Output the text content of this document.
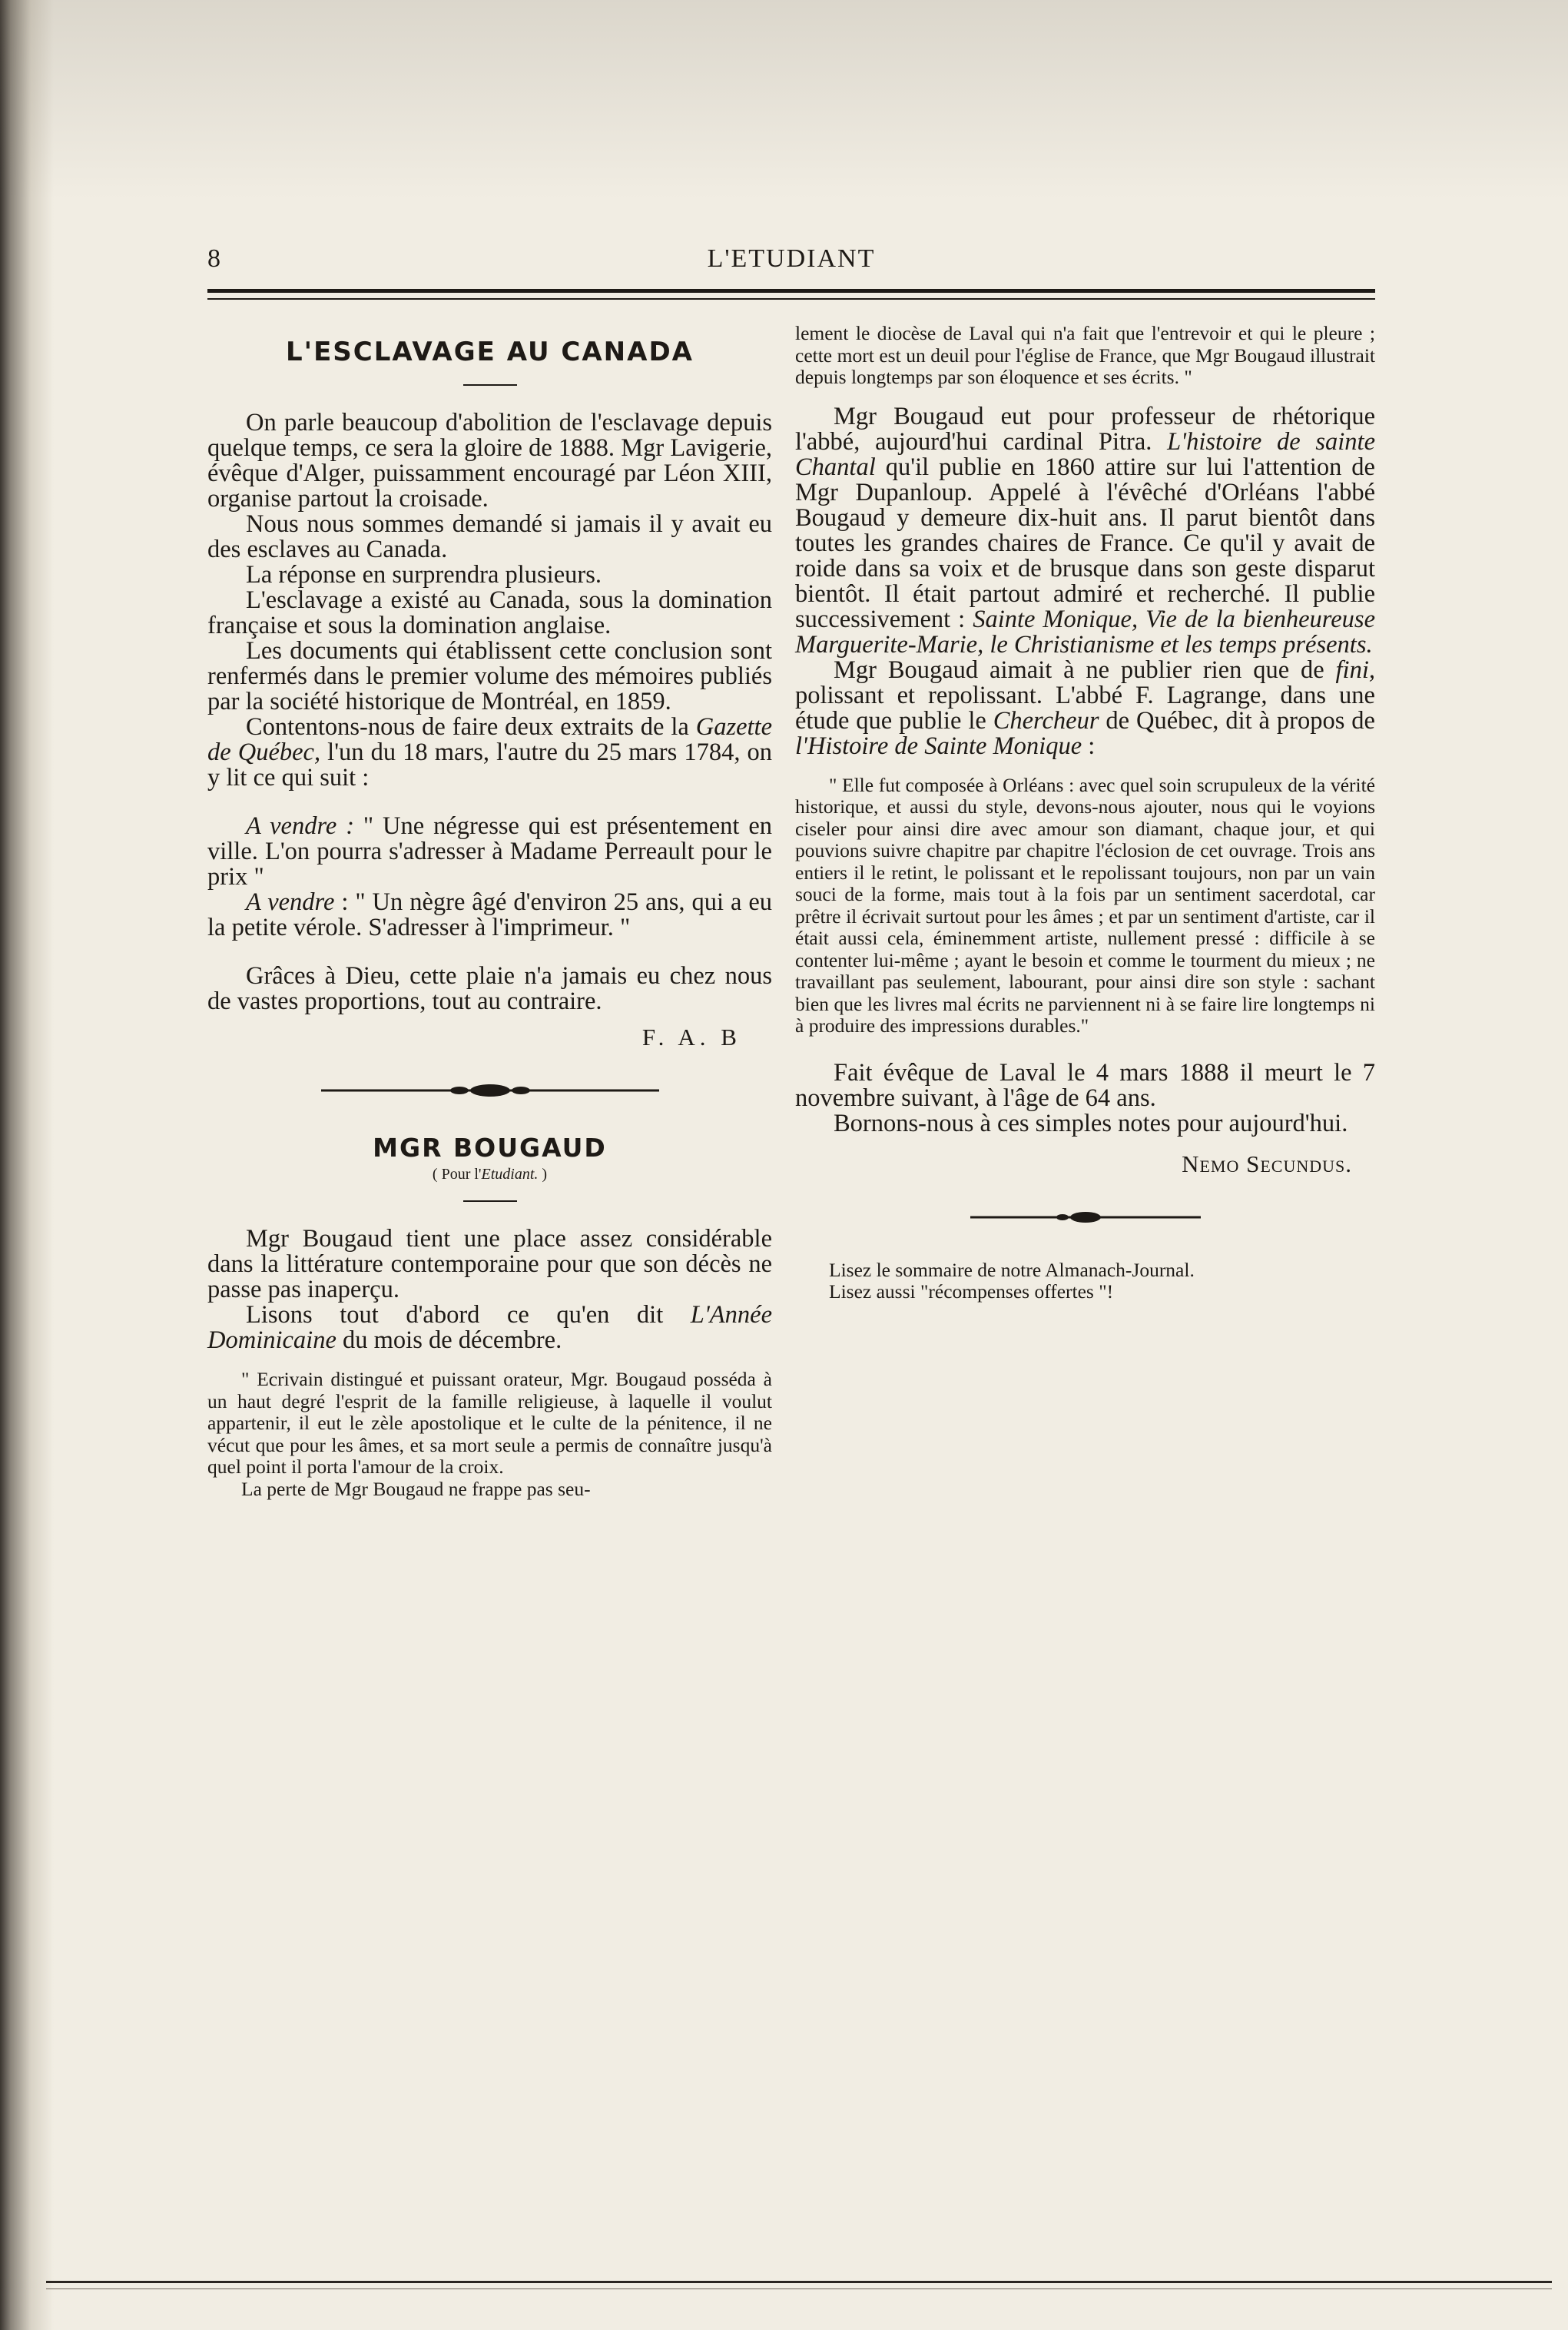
8	L'ETUDIANT
L'ESCLAVAGE AU CANADA

On parle beaucoup d'abolition de l'esclavage depuis quelque temps, ce sera la gloire de 1888. Mgr Lavigerie, évêque d'Alger, puissamment encouragé par Léon XIII, organise partout la croisade.

Nous nous sommes demandé si jamais il y avait eu des esclaves au Canada.

La réponse en surprendra plusieurs.

L'esclavage a existé au Canada, sous la domination française et sous la domination anglaise.

Les documents qui établissent cette conclusion sont renfermés dans le premier volume des mémoires publiés par la société historique de Montréal, en 1859.

Contentons-nous de faire deux extraits de la Gazette de Québec, l'un du 18 mars, l'autre du 25 mars 1784, on y lit ce qui suit :

A vendre : " Une négresse qui est présentement en ville. L'on pourra s'adresser à Madame Perreault pour le prix "

A vendre : " Un nègre âgé d'environ 25 ans, qui a eu la petite vérole. S'adresser à l'imprimeur. "

Grâces à Dieu, cette plaie n'a jamais eu chez nous de vastes proportions, tout au contraire.

F. A. B
MGR BOUGAUD
( Pour l'Etudiant. )

Mgr Bougaud tient une place assez considérable dans la littérature contemporaine pour que son décès ne passe pas inaperçu.

Lisons tout d'abord ce qu'en dit L'Année Dominicaine du mois de décembre.

" Ecrivain distingué et puissant orateur, Mgr. Bougaud posséda à un haut degré l'esprit de la famille religieuse, à laquelle il voulut appartenir, il eut le zèle apostolique et le culte de la pénitence, il ne vécut que pour les âmes, et sa mort seule a permis de connaître jusqu'à quel point il porta l'amour de la croix.

La perte de Mgr Bougaud ne frappe pas seu-

lement le diocèse de Laval qui n'a fait que l'entrevoir et qui le pleure ; cette mort est un deuil pour l'église de France, que Mgr Bougaud illustrait depuis longtemps par son éloquence et ses écrits. "

Mgr Bougaud eut pour professeur de rhétorique l'abbé, aujourd'hui cardinal Pitra. L'histoire de sainte Chantal qu'il publie en 1860 attire sur lui l'attention de Mgr Dupanloup. Appelé à l'évêché d'Orléans l'abbé Bougaud y demeure dix-huit ans. Il parut bientôt dans toutes les grandes chaires de France. Ce qu'il y avait de roide dans sa voix et de brusque dans son geste disparut bientôt. Il était partout admiré et recherché. Il publie successivement : Sainte Monique, Vie de la bienheureuse Marguerite-Marie, le Christianisme et les temps présents.

Mgr Bougaud aimait à ne publier rien que de fini, polissant et repolissant. L'abbé F. Lagrange, dans une étude que publie le Chercheur de Québec, dit à propos de l'Histoire de Sainte Monique :

" Elle fut composée à Orléans : avec quel soin scrupuleux de la vérité historique, et aussi du style, devons-nous ajouter, nous qui le voyions ciseler pour ainsi dire avec amour son diamant, chaque jour, et qui pouvions suivre chapitre par chapitre l'éclosion de cet ouvrage. Trois ans entiers il le retint, le polissant et le repolissant toujours, non par un vain souci de la forme, mais tout à la fois par un sentiment sacerdotal, car prêtre il écrivait surtout pour les âmes ; et par un sentiment d'artiste, car il était aussi cela, éminemment artiste, nullement pressé : difficile à se contenter lui-même ; ayant le besoin et comme le tourment du mieux ; ne travaillant pas seulement, labourant, pour ainsi dire son style : sachant bien que les livres mal écrits ne parviennent ni à se faire lire longtemps ni à produire des impressions durables."

Fait évêque de Laval le 4 mars 1888 il meurt le 7 novembre suivant, à l'âge de 64 ans.

Bornons-nous à ces simples notes pour aujourd'hui.

Nemo Secundus.

Lisez le sommaire de notre Almanach-Journal.

Lisez aussi "récompenses offertes "!
